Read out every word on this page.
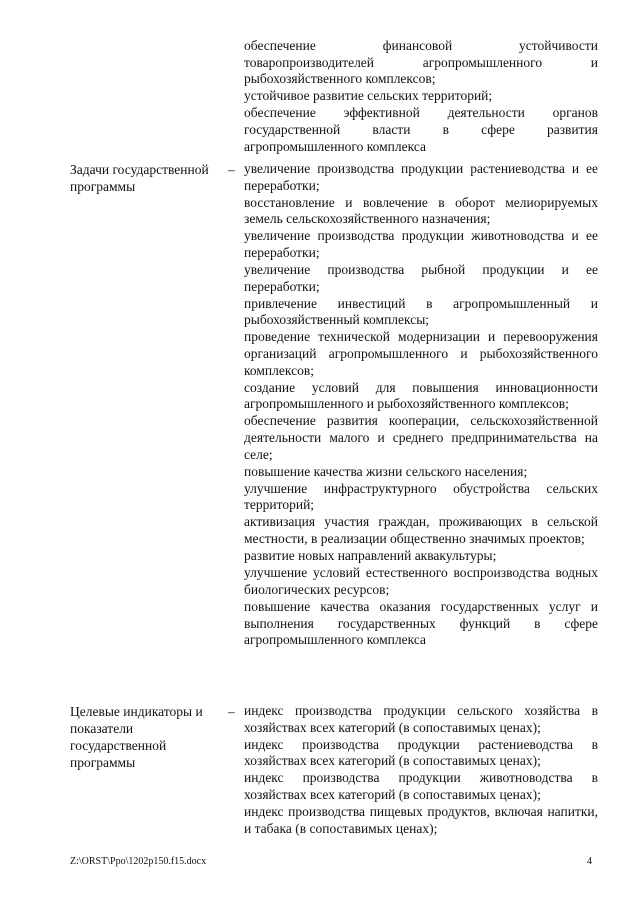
обеспечение финансовой устойчивости товаропроизводителей агропромышленного и рыбохозяйственного комплексов;

устойчивое развитие сельских территорий;

обеспечение эффективной деятельности органов государственной власти в сфере развития агропромышленного комплекса

Задачи государственной программы
– увеличение производства продукции растениеводства и ее переработки;

восстановление и вовлечение в оборот мелиорируемых земель сельскохозяйственного назначения;

увеличение производства продукции животноводства и ее переработки;

увеличение производства рыбной продукции и ее переработки;

привлечение инвестиций в агропромышленный и рыбохозяйственный комплексы;

проведение технической модернизации и перевооружения организаций агропромышленного и рыбохозяйственного комплексов;

создание условий для повышения инновационности агропромышленного и рыбохозяйственного комплексов;

обеспечение развития кооперации, сельскохозяйственной деятельности малого и среднего предпринимательства на селе;

повышение качества жизни сельского населения;

улучшение инфраструктурного обустройства сельских территорий;

активизация участия граждан, проживающих в сельской местности, в реализации общественно значимых проектов;

развитие новых направлений аквакультуры;

улучшение условий естественного воспроизводства водных биологических ресурсов;

повышение качества оказания государственных услуг и выполнения государственных функций в сфере агропромышленного комплекса

Целевые индикаторы и показатели государственной программы
– индекс производства продукции сельского хозяйства в хозяйствах всех категорий (в сопоставимых ценах);

индекс производства продукции растениеводства в хозяйствах всех категорий (в сопоставимых ценах);

индекс производства продукции животноводства в хозяйствах всех категорий (в сопоставимых ценах);

индекс производства пищевых продуктов, включая напитки, и табака (в сопоставимых ценах);

Z:\ORST\Ppo\1202p150.f15.docx	4
